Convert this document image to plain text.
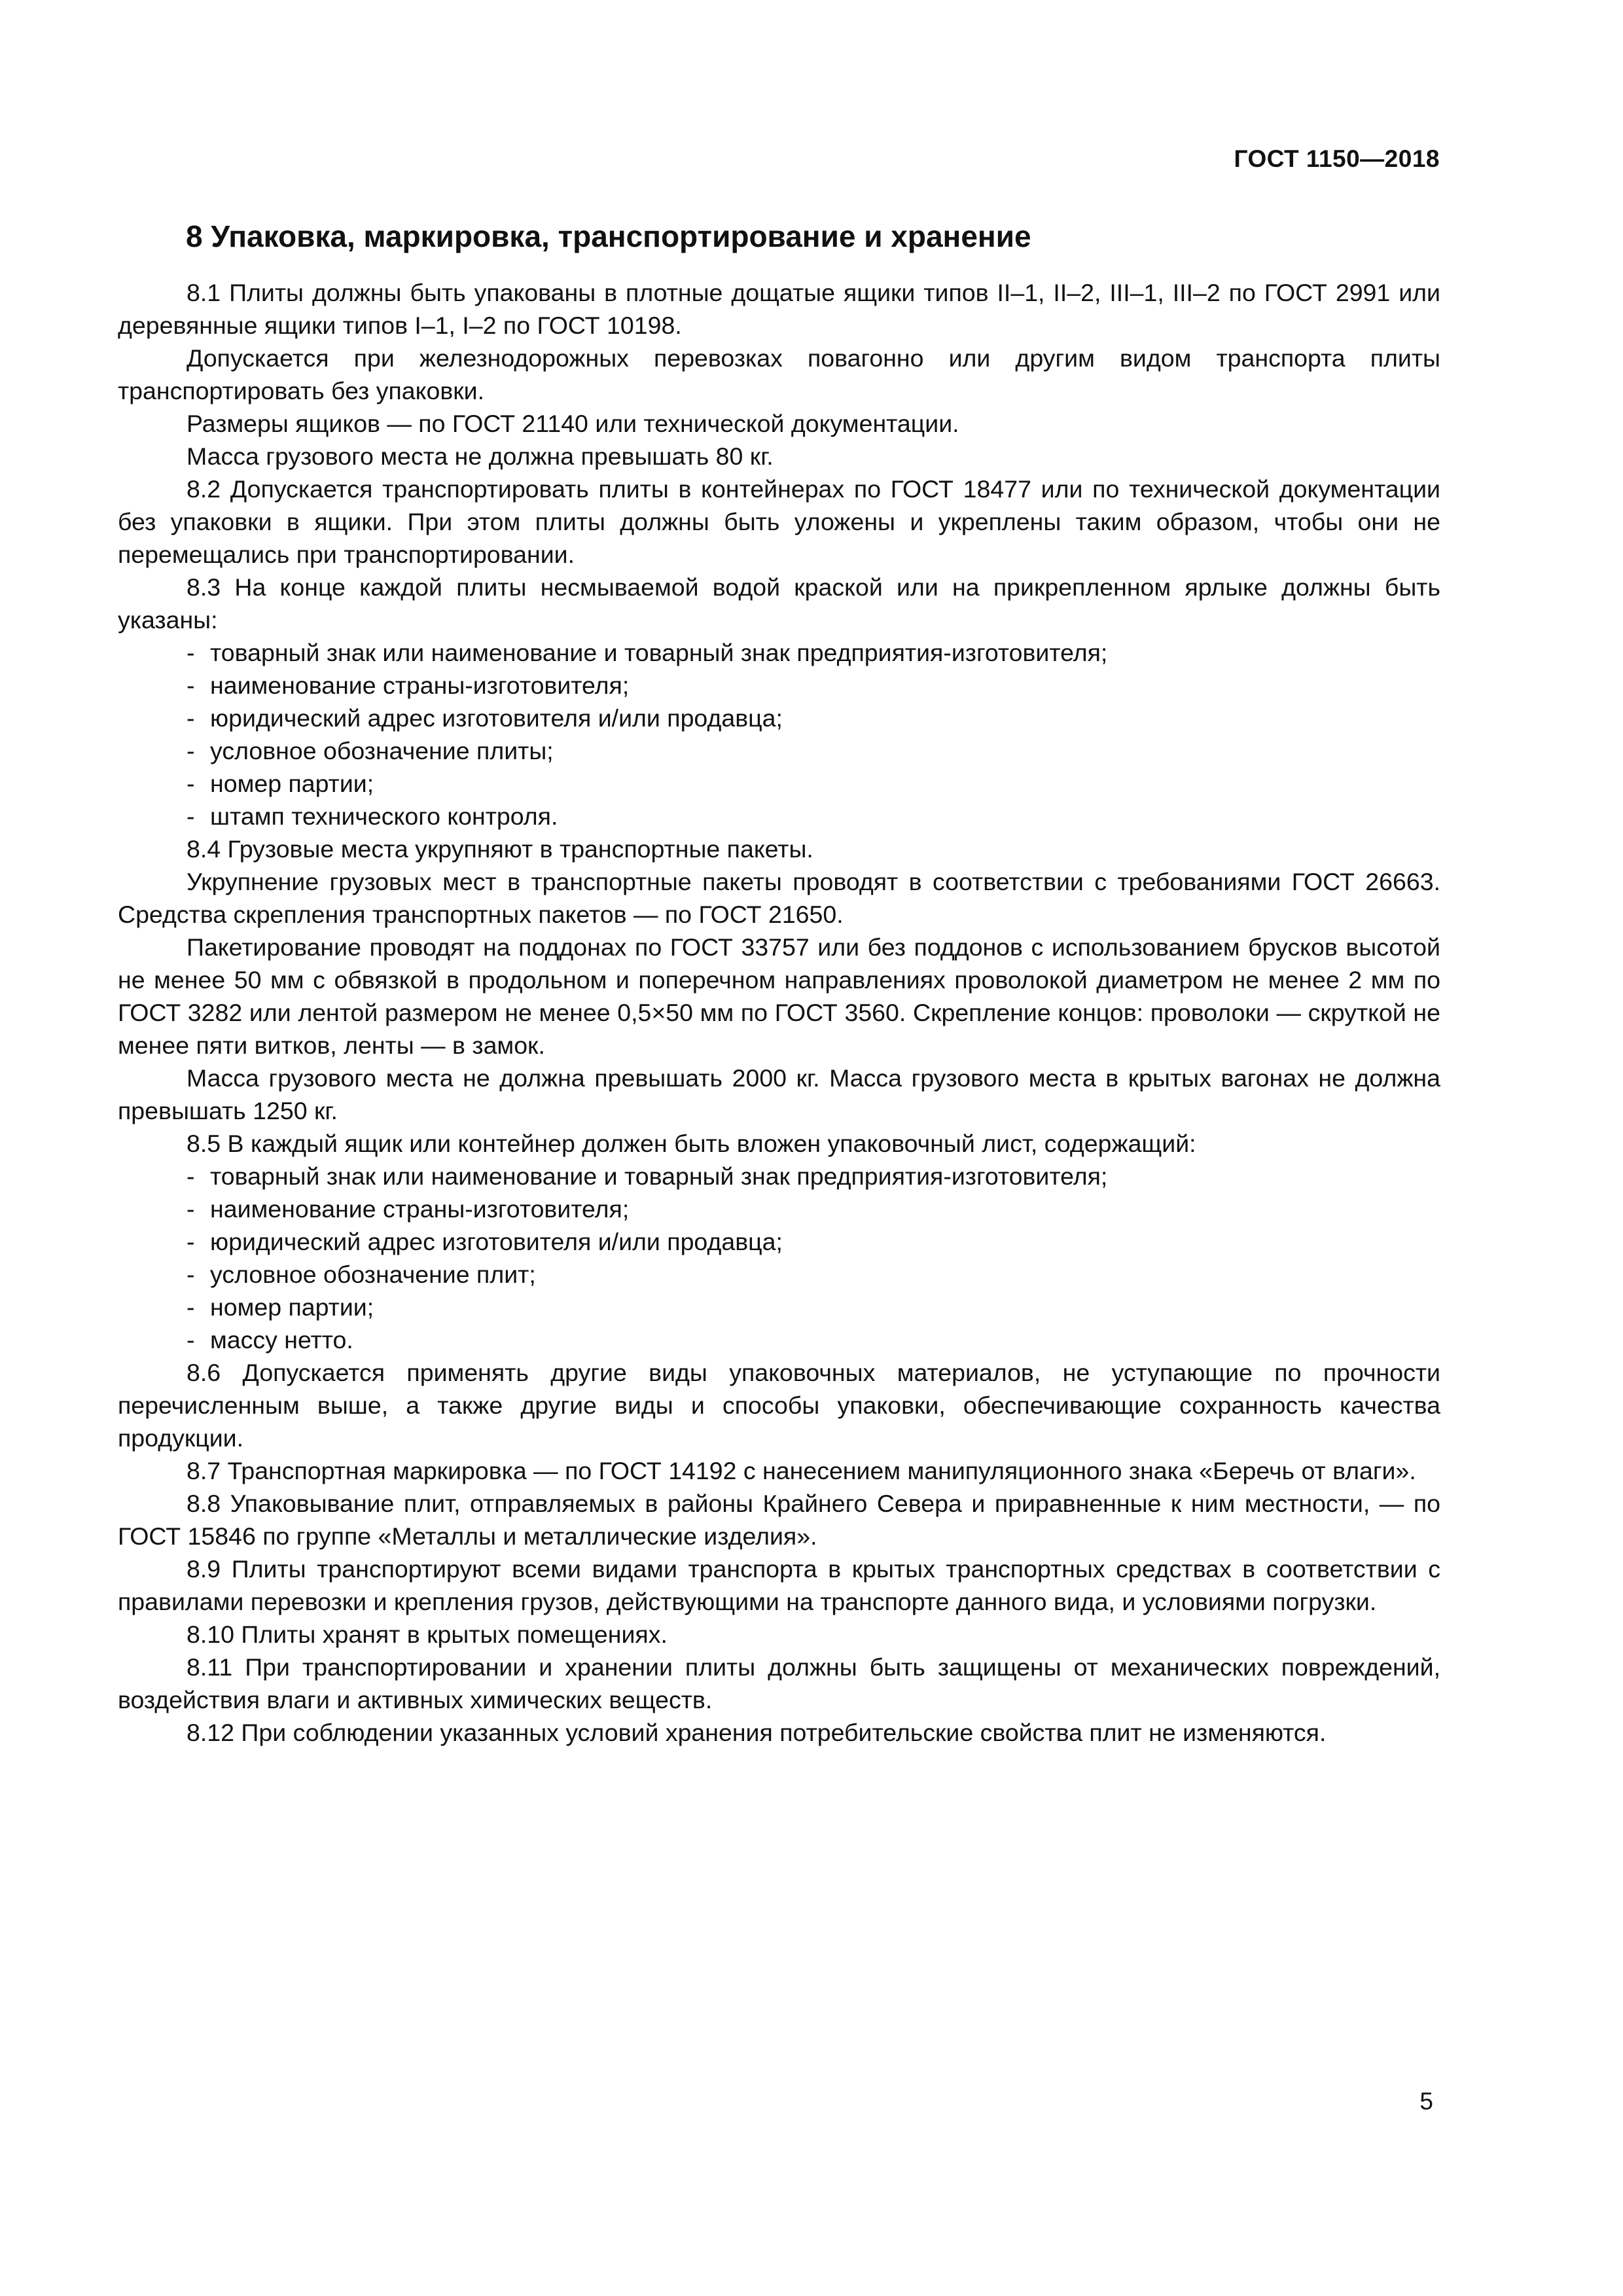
ГОСТ 1150—2018
8 Упаковка, маркировка, транспортирование и хранение

8.1 Плиты должны быть упакованы в плотные дощатые ящики типов II–1, II–2, III–1, III–2 по ГОСТ 2991 или деревянные ящики типов I–1, I–2 по ГОСТ 10198.

Допускается при железнодорожных перевозках повагонно или другим видом транспорта плиты транспортировать без упаковки.

Размеры ящиков — по ГОСТ 21140 или технической документации.

Масса грузового места не должна превышать 80 кг.

8.2 Допускается транспортировать плиты в контейнерах по ГОСТ 18477 или по технической документации без упаковки в ящики. При этом плиты должны быть уложены и укреплены таким образом, чтобы они не перемещались при транспортировании.

8.3 На конце каждой плиты несмываемой водой краской или на прикрепленном ярлыке должны быть указаны:

- товарный знак или наименование и товарный знак предприятия-изготовителя;
- наименование страны-изготовителя;
- юридический адрес изготовителя и/или продавца;
- условное обозначение плиты;
- номер партии;
- штамп технического контроля.

8.4 Грузовые места укрупняют в транспортные пакеты.

Укрупнение грузовых мест в транспортные пакеты проводят в соответствии с требованиями ГОСТ 26663. Средства скрепления транспортных пакетов — по ГОСТ 21650.

Пакетирование проводят на поддонах по ГОСТ 33757 или без поддонов с использованием брусков высотой не менее 50 мм с обвязкой в продольном и поперечном направлениях проволокой диаметром не менее 2 мм по ГОСТ 3282 или лентой размером не менее 0,5×50 мм по ГОСТ 3560. Скрепление концов: проволоки — скруткой не менее пяти витков, ленты — в замок.

Масса грузового места не должна превышать 2000 кг. Масса грузового места в крытых вагонах не должна превышать 1250 кг.

8.5 В каждый ящик или контейнер должен быть вложен упаковочный лист, содержащий:

- товарный знак или наименование и товарный знак предприятия-изготовителя;
- наименование страны-изготовителя;
- юридический адрес изготовителя и/или продавца;
- условное обозначение плит;
- номер партии;
- массу нетто.

8.6 Допускается применять другие виды упаковочных материалов, не уступающие по прочности перечисленным выше, а также другие виды и способы упаковки, обеспечивающие сохранность качества продукции.

8.7 Транспортная маркировка — по ГОСТ 14192 с нанесением манипуляционного знака «Беречь от влаги».

8.8 Упаковывание плит, отправляемых в районы Крайнего Севера и приравненные к ним местности, — по ГОСТ 15846 по группе «Металлы и металлические изделия».

8.9 Плиты транспортируют всеми видами транспорта в крытых транспортных средствах в соответствии с правилами перевозки и крепления грузов, действующими на транспорте данного вида, и условиями погрузки.

8.10 Плиты хранят в крытых помещениях.

8.11 При транспортировании и хранении плиты должны быть защищены от механических повреждений, воздействия влаги и активных химических веществ.

8.12 При соблюдении указанных условий хранения потребительские свойства плит не изменяются.

5
